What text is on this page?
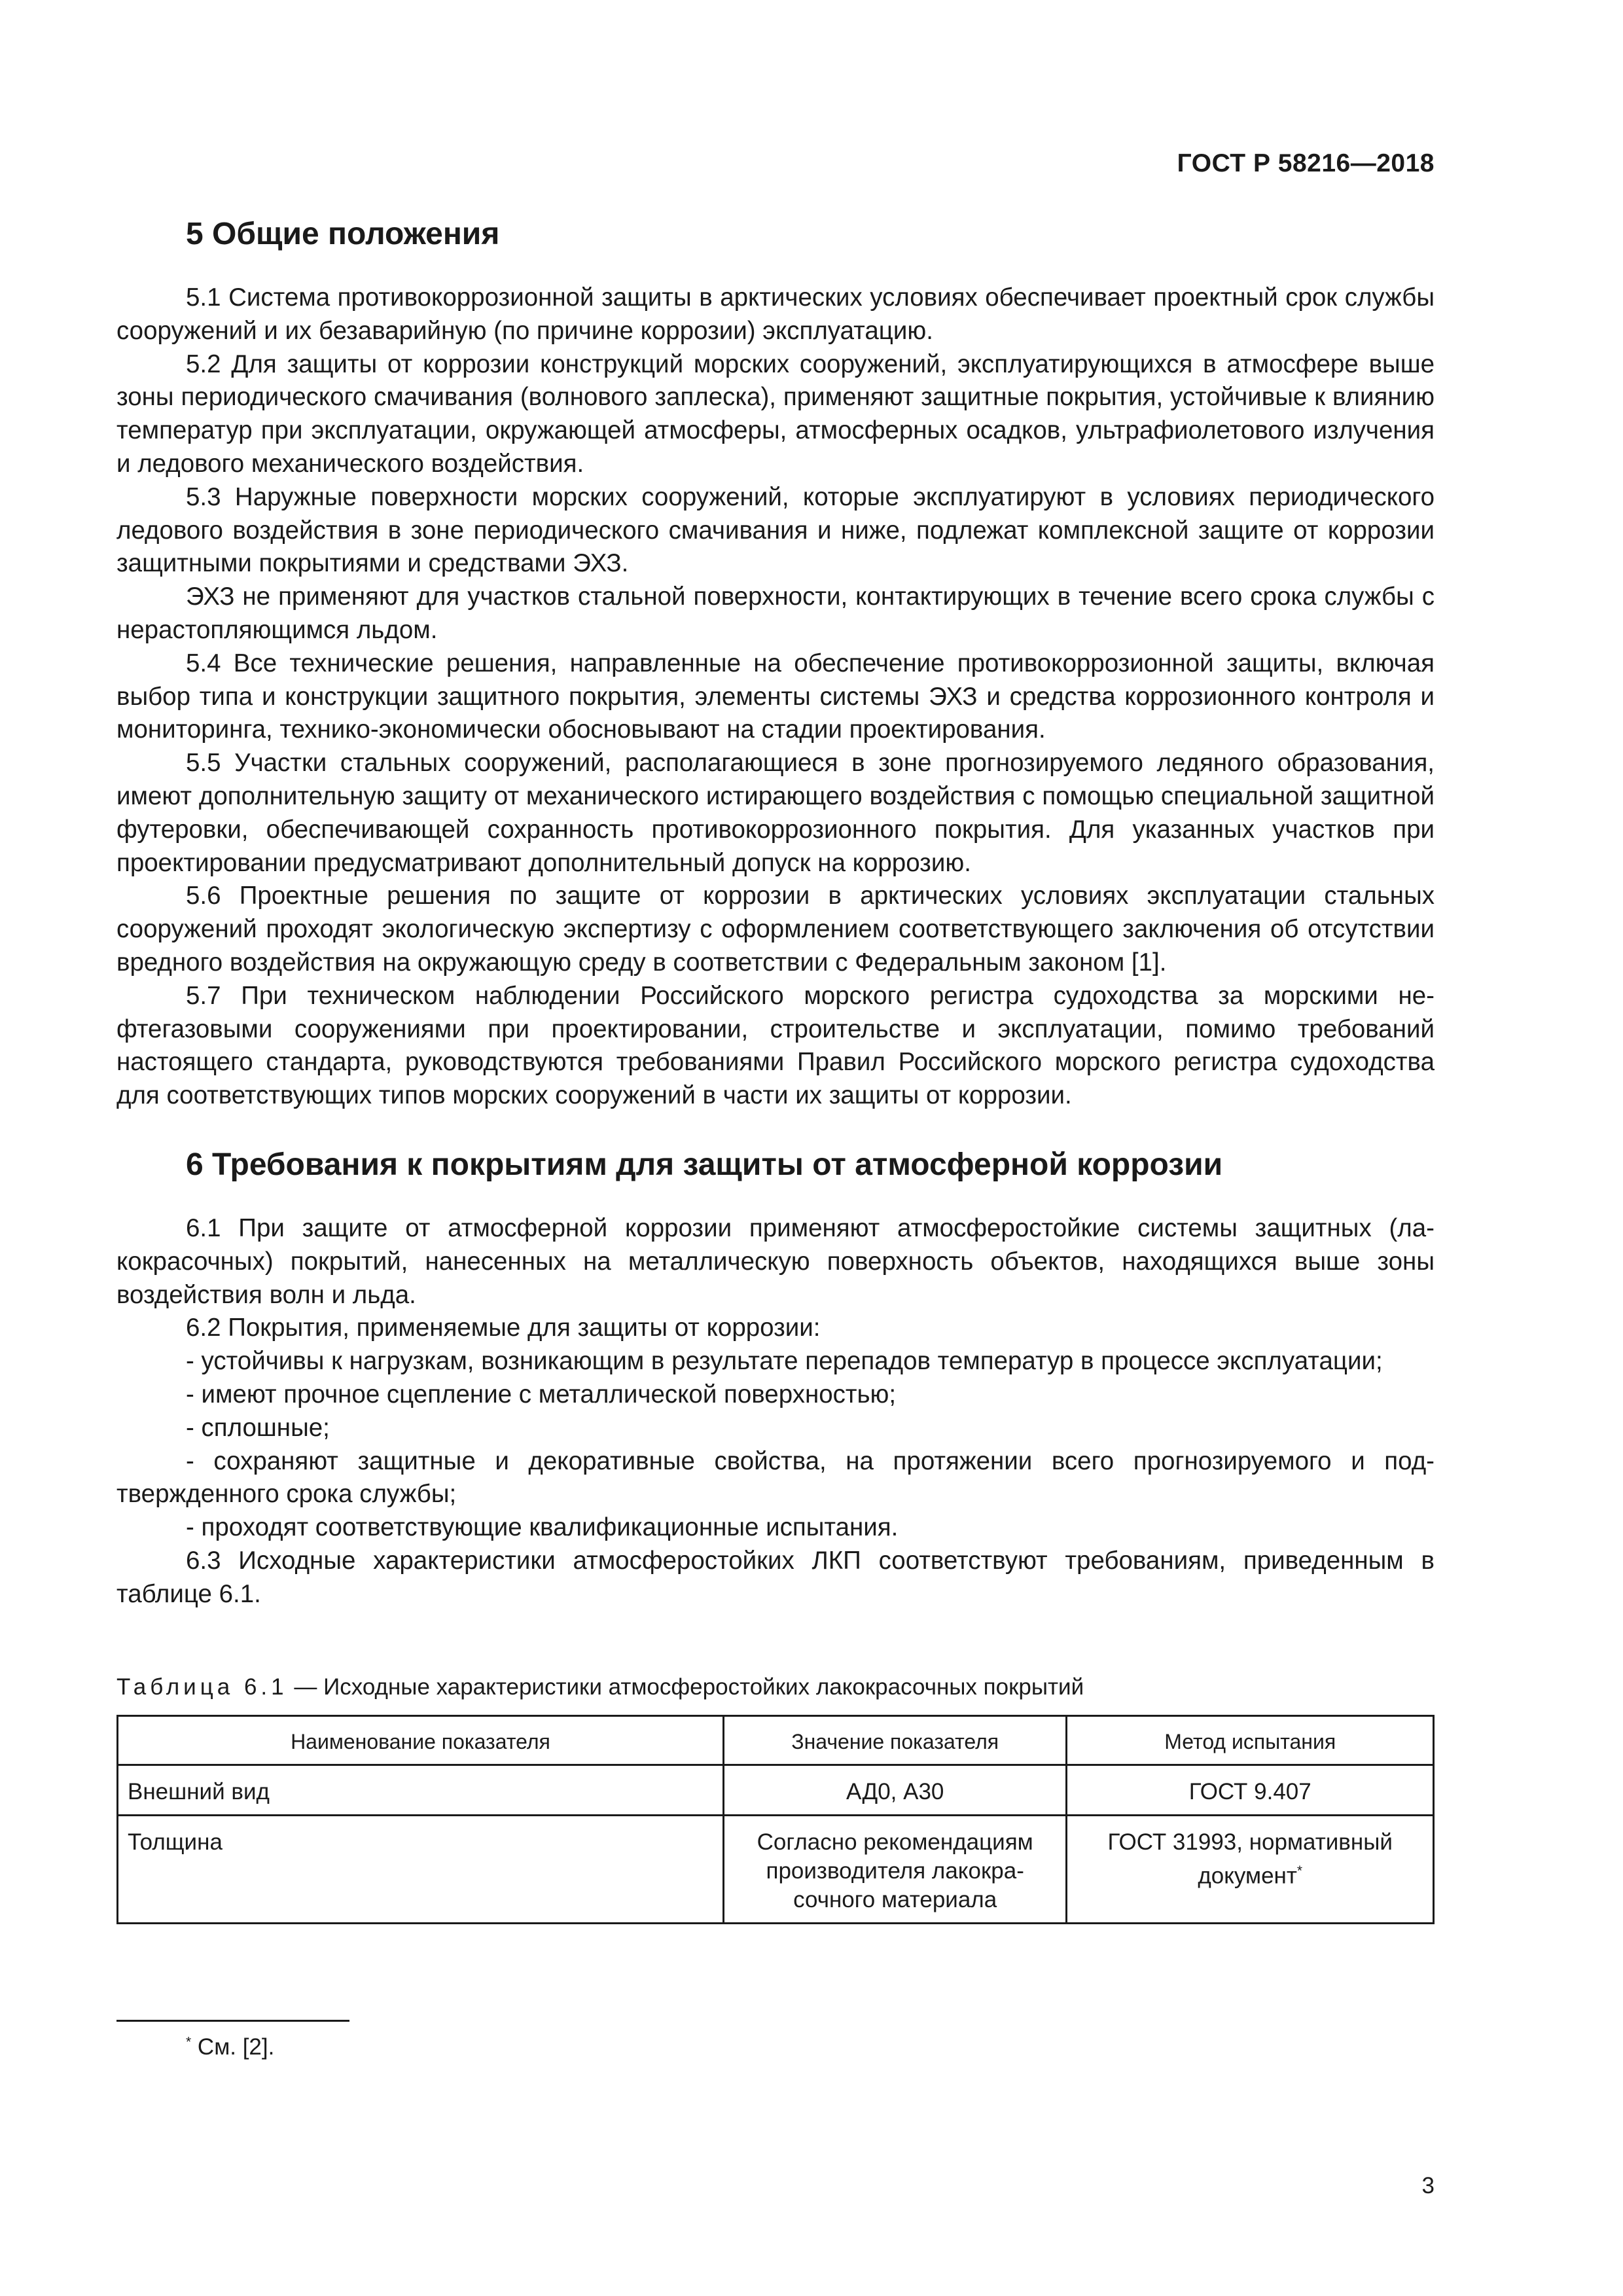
ГОСТ Р 58216—2018
5 Общие положения

5.1 Система противокоррозионной защиты в арктических условиях обеспечивает проектный срок службы сооружений и их безаварийную (по причине коррозии) эксплуатацию.

5.2 Для защиты от коррозии конструкций морских сооружений, эксплуатирующихся в атмосфере выше зоны периодического смачивания (волнового заплеска), применяют защитные покрытия, устойчивые к влиянию температур при эксплуатации, окружающей атмосферы, атмосферных осадков, ультрафиолетового излучения и ледового механического воздействия.

5.3 Наружные поверхности морских сооружений, которые эксплуатируют в условиях периодического ледового воздействия в зоне периодического смачивания и ниже, подлежат комплексной защите от коррозии защитными покрытиями и средствами ЭХЗ.

ЭХЗ не применяют для участков стальной поверхности, контактирующих в течение всего срока службы с нерастопляющимся льдом.

5.4 Все технические решения, направленные на обеспечение противокоррозионной защиты, включая выбор типа и конструкции защитного покрытия, элементы системы ЭХЗ и средства коррозионного контроля и мониторинга, технико-экономически обосновывают на стадии проектирования.

5.5 Участки стальных сооружений, располагающиеся в зоне прогнозируемого ледяного образования, имеют дополнительную защиту от механического истирающего воздействия с помощью специальной защитной футеровки, обеспечивающей сохранность противокоррозионного покрытия. Для указанных участков при проектировании предусматривают дополнительный допуск на коррозию.

5.6 Проектные решения по защите от коррозии в арктических условиях эксплуатации стальных сооружений проходят экологическую экспертизу с оформлением соответствующего заключения об отсутствии вредного воздействия на окружающую среду в соответствии с Федеральным законом [1].

5.7 При техническом наблюдении Российского морского регистра судоходства за морскими нефтегазовыми сооружениями при проектировании, строительстве и эксплуатации, помимо требований настоящего стандарта, руководствуются требованиями Правил Российского морского регистра судоходства для соответствующих типов морских сооружений в части их защиты от коррозии.

6 Требования к покрытиям для защиты от атмосферной коррозии

6.1 При защите от атмосферной коррозии применяют атмосферостойкие системы защитных (лакокрасочных) покрытий, нанесенных на металлическую поверхность объектов, находящихся выше зоны воздействия волн и льда.

6.2 Покрытия, применяемые для защиты от коррозии:

- устойчивы к нагрузкам, возникающим в результате перепадов температур в процессе эксплуатации;

- имеют прочное сцепление с металлической поверхностью;

- сплошные;

- сохраняют защитные и декоративные свойства, на протяжении всего прогнозируемого и подтвержденного срока службы;

- проходят соответствующие квалификационные испытания.

6.3 Исходные характеристики атмосферостойких ЛКП соответствуют требованиям, приведенным в таблице 6.1.

Таблица 6.1 — Исходные характеристики атмосферостойких лакокрасочных покрытий
Наименование показателя	Значение показателя	Метод испытания
Внешний вид	АД0, А30	ГОСТ 9.407
Толщина	Согласно рекомендациям производителя лакокрасочного материала	ГОСТ 31993, нормативный документ*
* См. [2].
3
